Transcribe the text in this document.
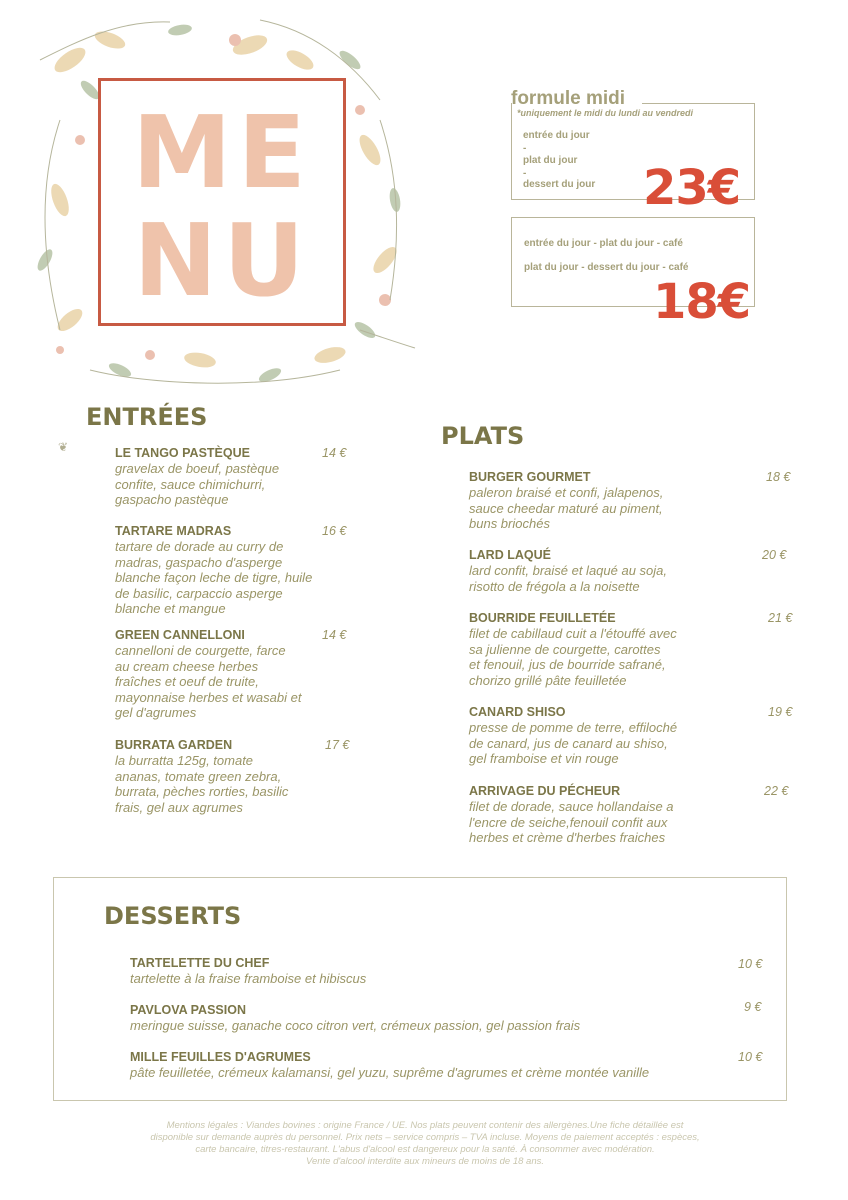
ME
NU
formule midi
*uniquement le midi du lundi au vendredi
entrée du jour
-
plat du jour
-
dessert du jour 23€
entrée du jour - plat du jour - café
plat du jour - dessert du jour - café
18€
ENTRÉES
❦	LE TANGO PASTÈQUE	14 €
gravelax de boeuf, pastèque
confite, sauce chimichurri,
gaspacho pastèque
TARTARE MADRAS	16 €
tartare de dorade au curry de
madras, gaspacho d'asperge
blanche façon leche de tigre, huile
de basilic, carpaccio asperge
blanche et mangue
GREEN CANNELLONI	14 €
cannelloni de courgette, farce
au cream cheese herbes
fraîches et oeuf de truite,
mayonnaise herbes et wasabi et
gel d'agrumes
BURRATA GARDEN	17 €
la burratta 125g, tomate
ananas, tomate green zebra,
burrata, pèches rorties, basilic
frais, gel aux agrumes
PLATS
BURGER GOURMET	18 €
paleron braisé et confi, jalapenos,
sauce cheedar maturé au piment,
buns briochés
LARD LAQUÉ	20 €
lard confit, braisé et laqué au soja,
risotto de frégola a la noisette
BOURRIDE FEUILLETÉE	21 €
filet de cabillaud cuit a l'étouffé avec
sa julienne de courgette, carottes
et fenouil, jus de bourride safrané,
chorizo grillé pâte feuilletée
CANARD SHISO	19 €
presse de pomme de terre, effiloché
de canard, jus de canard au shiso,
gel framboise et vin rouge
ARRIVAGE DU PÉCHEUR	22 €
filet de dorade, sauce hollandaise a
l'encre de seiche,fenouil confit aux
herbes et crème d'herbes fraiches
DESSERTS
TARTELETTE DU CHEF	10 €
tartelette à la fraise framboise et hibiscus
PAVLOVA PASSION	9 €
meringue suisse, ganache coco citron vert, crémeux passion, gel passion frais
MILLE FEUILLES D'AGRUMES	10 €
pâte feuilletée, crémeux kalamansi, gel yuzu, suprême d'agrumes et crème montée vanille
Mentions légales : Viandes bovines : origine France / UE. Nos plats peuvent contenir des allergènes.Une fiche détaillée est
disponible sur demande auprès du personnel. Prix nets – service compris – TVA incluse. Moyens de paiement acceptés : espèces,
carte bancaire, titres-restaurant. L'abus d'alcool est dangereux pour la santé. À consommer avec modération.
Vente d'alcool interdite aux mineurs de moins de 18 ans.
